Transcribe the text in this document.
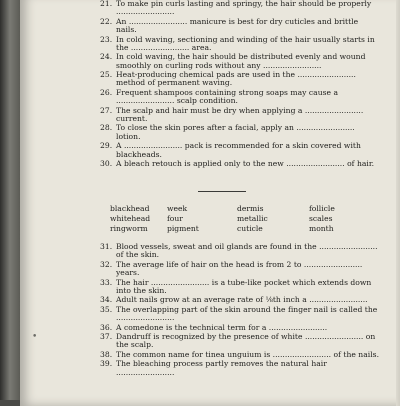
21. To make pin curls lasting and springy, the hair should be properly ........................
22. An ........................ manicure is best for dry cuticles and brittle nails.
23. In cold waving, sectioning and winding of the hair usually starts in the ........................ area.
24. In cold waving, the hair should be distributed evenly and wound smoothly on curling rods without any ........................
25. Heat-producing chemical pads are used in the ........................ method of permanent waving.
26. Frequent shampoos containing strong soaps may cause a ........................ scalp condition.
27. The scalp and hair must be dry when applying a ........................ current.
28. To close the skin pores after a facial, apply an ........................ lotion.
29. A ........................ pack is recommended for a skin covered with blackheads.
30. A bleach retouch is applied only to the new ........................ of hair.
blackhead	week	dermis	follicle
whitehead	four	metallic	scales
ringworm	pigment	cuticle	month
31. Blood vessels, sweat and oil glands are found in the ........................ of the skin.
32. The average life of hair on the head is from 2 to ........................ years.
33. The hair ........................ is a tube-like pocket which extends down into the skin.
34. Adult nails grow at an average rate of ⅛th inch a ........................
35. The overlapping part of the skin around the finger nail is called the ........................
36. A comedone is the technical term for a ........................
37. Dandruff is recognized by the presence of white ........................ on the scalp.
38. The common name for tinea unguium is ........................ of the nails.
39. The bleaching process partly removes the natural hair ........................
•
